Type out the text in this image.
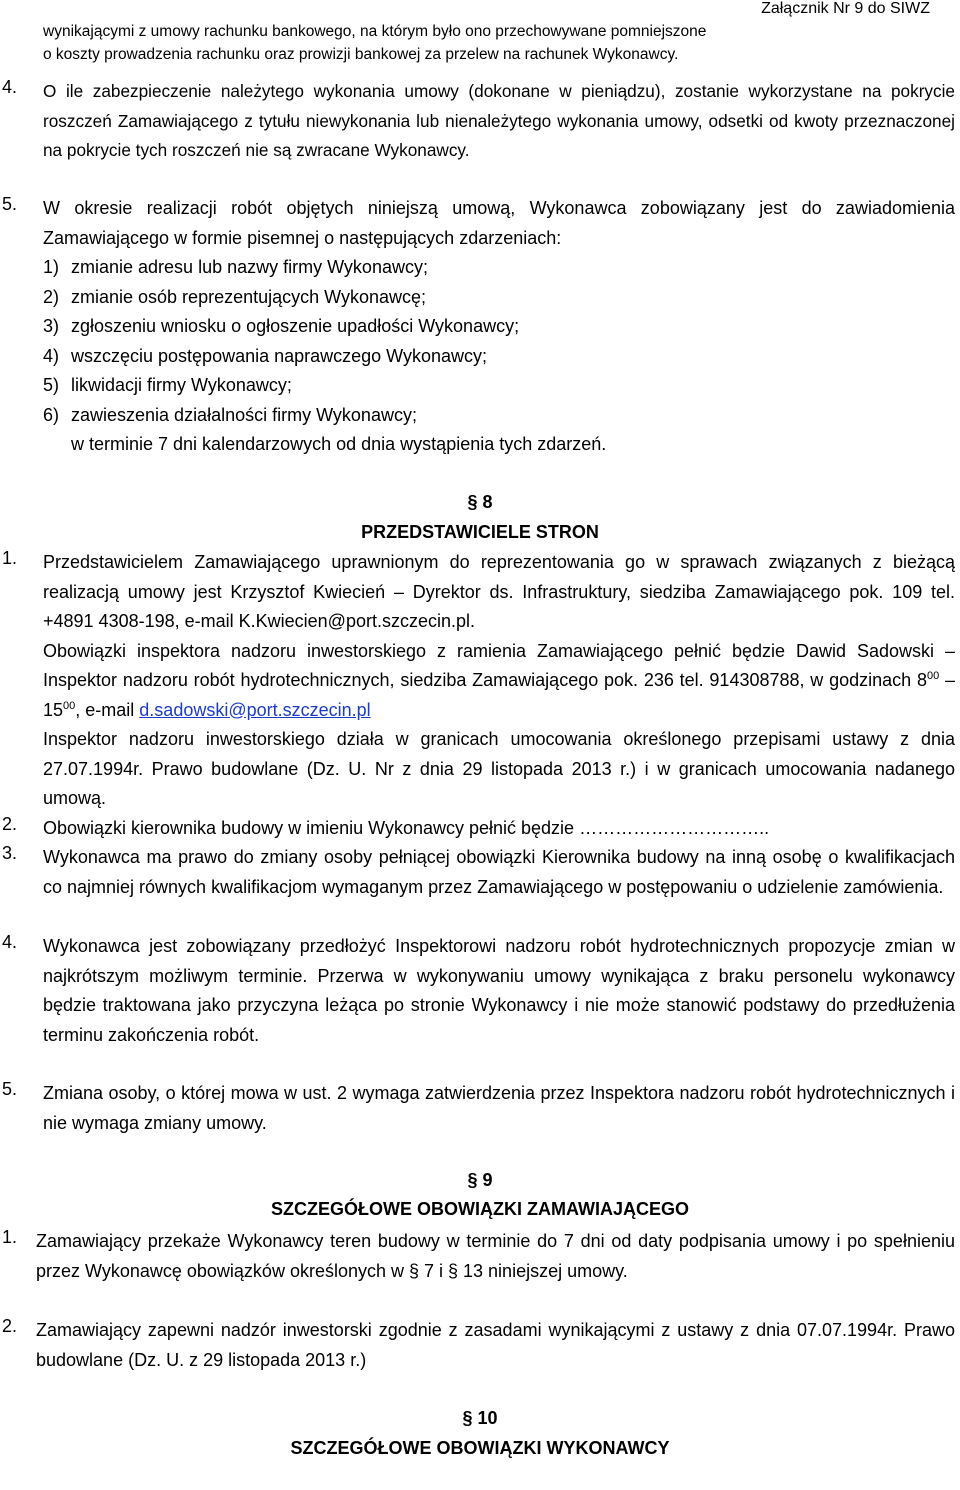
Załącznik Nr 9 do SIWZ
wynikającymi z umowy rachunku bankowego, na którym było ono przechowywane pomniejszone
o koszty prowadzenia rachunku oraz prowizji bankowej za przelew na rachunek Wykonawcy.
4. O ile zabezpieczenie należytego wykonania umowy (dokonane w pieniądzu), zostanie wykorzystane na pokrycie roszczeń Zamawiającego z tytułu niewykonania lub nienależytego wykonania umowy, odsetki od kwoty przeznaczonej na pokrycie tych roszczeń nie są zwracane Wykonawcy.
5. W okresie realizacji robót objętych niniejszą umową, Wykonawca zobowiązany jest do zawiadomienia Zamawiającego w formie pisemnej o następujących zdarzeniach:
1) zmianie adresu lub nazwy firmy Wykonawcy;
2) zmianie osób reprezentujących Wykonawcę;
3) zgłoszeniu wniosku o ogłoszenie upadłości Wykonawcy;
4) wszczęciu postępowania naprawczego Wykonawcy;
5) likwidacji firmy Wykonawcy;
6) zawieszenia działalności firmy Wykonawcy;
w terminie 7 dni kalendarzowych od dnia wystąpienia tych zdarzeń.
§ 8
PRZEDSTAWICIELE STRON
1. Przedstawicielem Zamawiającego uprawnionym do reprezentowania go w sprawach związanych z bieżącą realizacją umowy jest Krzysztof Kwiecień – Dyrektor ds. Infrastruktury, siedziba Zamawiającego pok. 109 tel. +4891 4308-198, e-mail K.Kwiecien@port.szczecin.pl.
Obowiązki inspektora nadzoru inwestorskiego z ramienia Zamawiającego pełnić będzie Dawid Sadowski – Inspektor nadzoru robót hydrotechnicznych, siedziba Zamawiającego pok. 236 tel. 914308788, w godzinach $8^{00} - 15^{00}$, e-mail d.sadowski@port.szczecin.pl
Inspektor nadzoru inwestorskiego działa w granicach umocowania określonego przepisami ustawy z dnia 27.07.1994r. Prawo budowlane (Dz. U. Nr z dnia 29 listopada 2013 r.) i w granicach umocowania nadanego umową.
2. Obowiązki kierownika budowy w imieniu Wykonawcy pełnić będzie …………………………..
3. Wykonawca ma prawo do zmiany osoby pełniącej obowiązki Kierownika budowy na inną osobę o kwalifikacjach co najmniej równych kwalifikacjom wymaganym przez Zamawiającego w postępowaniu o udzielenie zamówienia.
4. Wykonawca jest zobowiązany przedłożyć Inspektorowi nadzoru robót hydrotechnicznych propozycje zmian w najkrótszym możliwym terminie. Przerwa w wykonywaniu umowy wynikająca z braku personelu wykonawcy będzie traktowana jako przyczyna leżąca po stronie Wykonawcy i nie może stanowić podstawy do przedłużenia terminu zakończenia robót.
5. Zmiana osoby, o której mowa w ust. 2 wymaga zatwierdzenia przez Inspektora nadzoru robót hydrotechnicznych i nie wymaga zmiany umowy.
§ 9
SZCZEGÓŁOWE OBOWIĄZKI ZAMAWIAJĄCEGO
1. Zamawiający przekaże Wykonawcy teren budowy w terminie do 7 dni od daty podpisania umowy i po spełnieniu przez Wykonawcę obowiązków określonych w § 7 i § 13 niniejszej umowy.
2. Zamawiający zapewni nadzór inwestorski zgodnie z zasadami wynikającymi z ustawy z dnia 07.07.1994r. Prawo budowlane (Dz. U. z 29 listopada 2013 r.)
§ 10
SZCZEGÓŁOWE OBOWIĄZKI WYKONAWCY
